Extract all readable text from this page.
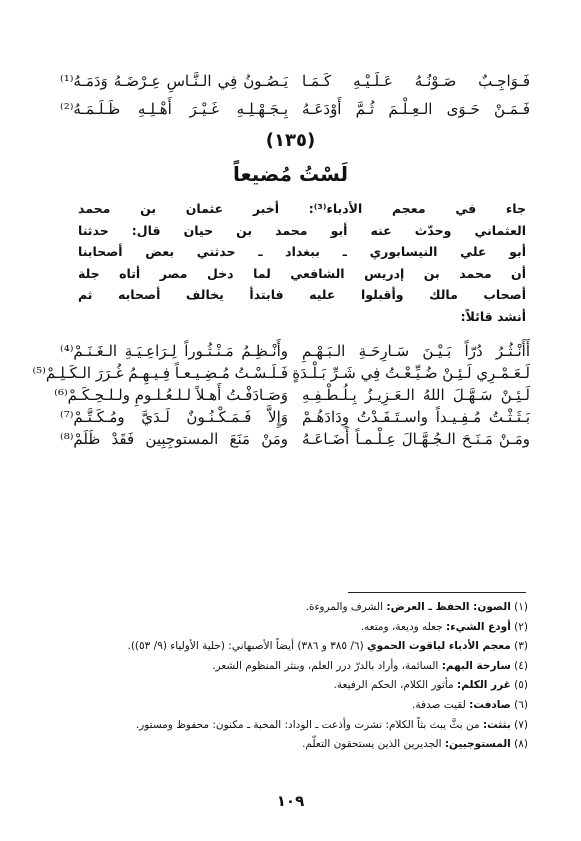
فَـوَاجِـبٌ صَـوْنُـهُ عَـلَـيْـهِ كَـمَـا
يَـصُـونُ فِي الـنَّـاسِ عِـرْضَـهُ وَدَمَـهُ⁽¹⁾
فَـمَـنْ حَـوَى الـعِـلْـمَ ثُـمَّ أَوْدَعَـهُ
بِـجَـهْـلِـهِ غَـيْـرَ أَهْـلِـهِ ظَـلَـمَـهُ⁽²⁾
(١٣٥)
لَسْتُ مُضيعاً
جاء في معجم الأدباء⁽³⁾: أخبر عثمان بن محمد
العثماني وحدّث عنه أبو محمد بن حيان قال: حدثنا
أبو علي النيسابوري ـ ببغداد ـ حدثني بعض أصحابنا
أن محمد بن إدريس الشافعي لما دخل مصر أتاه جلة
أصحاب مالك وأقبلوا عليه فابتدأ يخالف أصحابه ثم
أنشد قائلاً:
أَأَنْـثُـرُ دُرّاً بَـيْـنَ سَـارِحَـةِ الـبَـهْـمِ
وأَنْـظِـمُ مَـنْـثُـوراً لِـرَاعِـيَـةِ الـغَـنَـمْ⁽⁴⁾
لَـعَـمْـرِي لَـئِـنْ ضُـيِّـعْـتُ فِي شَـرِّ بَـلْـدَةٍ
فَـلَـسْـتُ مُـضِـيـعـاً فِـيـهِـمُ غُـرَرَ الـكَـلِـمْ⁽⁵⁾
لَـئِـنْ سَـهَّـلَ اللهُ الـعَـزِيـزُ بِـلُـطْـفِـهِ
وَصَـادَفْـتُ أَهـلاً لـلـعُـلـومِ ولـلـحِـكَـمْ⁽⁶⁾
بَـثَـثْـتُ مُـفِـيـداً واسـتَـفَـدْتُ وِدَادَهُـمْ
وَإِلاَّ فَـمَـكْـنُـونٌ لَـدَيَّ ومُـكَـتَّـمْ⁽⁷⁾
ومَـنْ مَـنَـحَ الـجُـهَّـالَ عِـلْـمـاً أَضَـاعَـهُ
ومَنْ مَنَعَ المستوجِبِين فَقَدْ ظَلَمْ⁽⁸⁾
(١) الصون: الحفظ ـ العرض: الشرف والمروءة.
(٢) أودع الشيء: جعله وديعة، ومتعه.
(٣) معجم الأدباء لياقوت الحموي (٦/ ٣٨٥ و ٣٨٦) أيضاً الأصبهاني: (حلية الأولياء (٩/ ٥٣)).
(٤) سارحة البهم: السائمة، وأراد بالدرّ درر العلم، وبنثر المنظوم الشعر.
(٥) غرر الكلم: مأثور الكلام، الحكم الرفيعة.
(٦) صادفت: لقيت صدفة.
(٧) بثثت: من بثَّ يبث بثاً الكلام: نشرت وأذعت ـ الوداد: المحبة ـ مكنون: محفوظ ومستور.
(٨) المستوجبين: الجديرين الذين يستحقون التعلّم.
١٠٩
